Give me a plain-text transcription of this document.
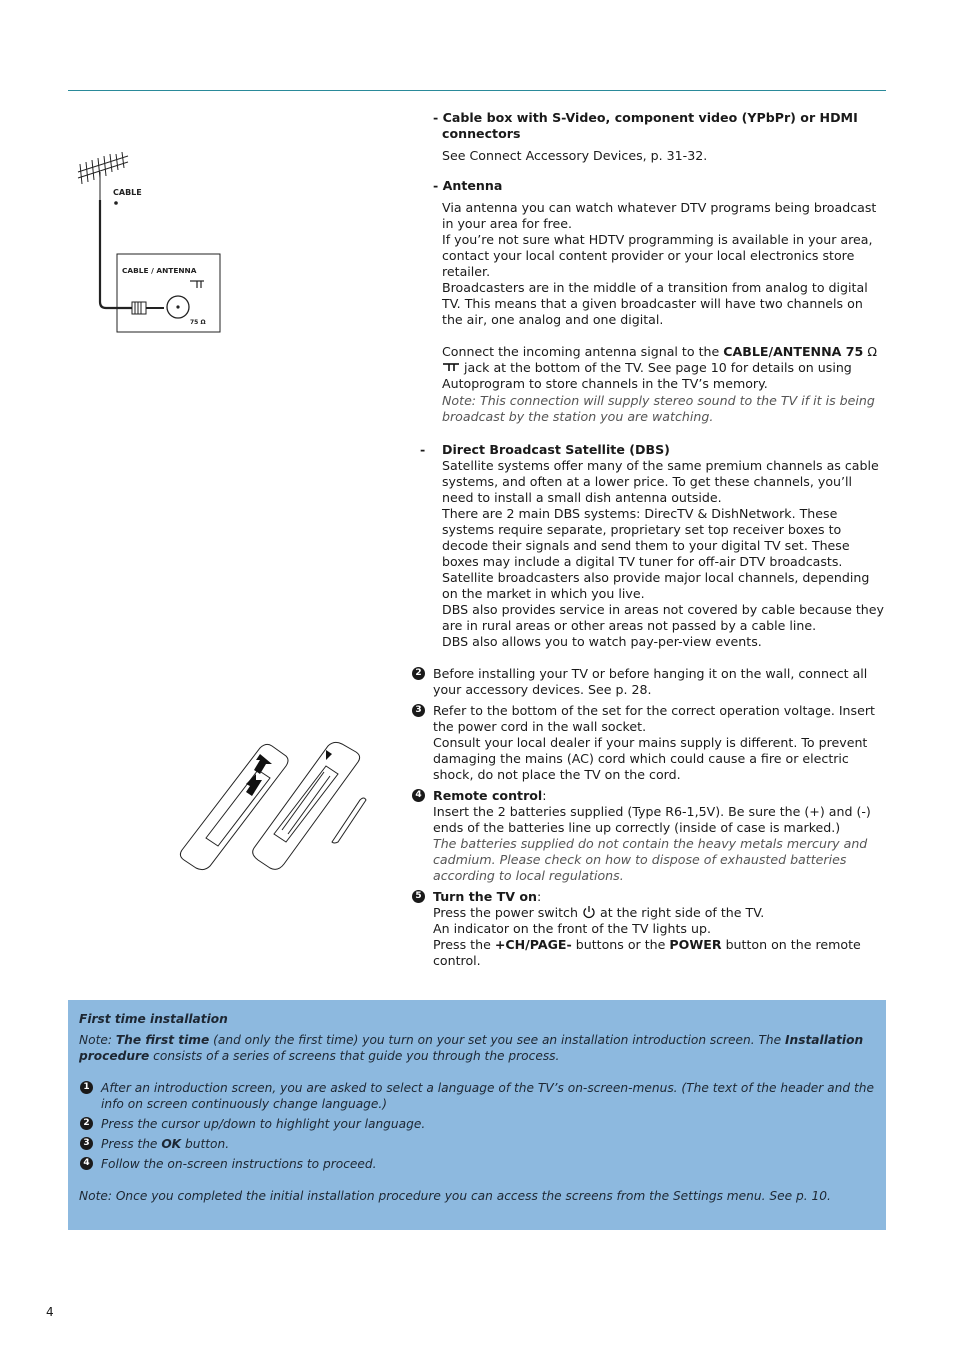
CABLE
CABLE / ANTENNA
75 Ω
- Cable box with S-Video, component video (YPbPr) or HDMI connectors
See Connect Accessory Devices, p. 31-32.
- Antenna
Via antenna you can watch whatever DTV programs being broadcast in your area for free.
If you’re not sure what HDTV programming is available in your area, contact your local content provider or your local electronics store retailer.
Broadcasters are in the middle of a transition from analog to digital TV. This means that a given broadcaster will have two channels on the air, one analog and one digital.
Connect the incoming antenna signal to the CABLE/ANTENNA 75 Ω  jack at the bottom of the TV. See page 10 for details on using Autoprogram to store channels in the TV’s memory.
Note: This connection will supply stereo sound to the TV if it is being broadcast by the station you are watching.
- Direct Broadcast Satellite (DBS)
Satellite systems offer many of the same premium channels as cable systems, and often at a lower price. To get these channels, you’ll need to install a small dish antenna outside.
There are 2 main DBS systems: DirecTV & DishNetwork. These systems require separate, proprietary set top receiver boxes to decode their signals and send them to your digital TV set. These boxes may include a digital TV tuner for off-air DTV broadcasts.
Satellite broadcasters also provide major local channels, depending on the market in which you live.
DBS also provides service in areas not covered by cable because they are in rural areas or other areas not passed by a cable line.
DBS also allows you to watch pay-per-view events.
2 Before installing your TV or before hanging it on the wall, connect all your accessory devices. See p. 28.
3 Refer to the bottom of the set for the correct operation voltage. Insert the power cord in the wall socket.
Consult your local dealer if your mains supply is different. To prevent damaging the mains (AC) cord which could cause a fire or electric shock, do not place the TV on the cord.
4 Remote control:
Insert the 2 batteries supplied (Type R6-1,5V). Be sure the (+) and (-) ends of the batteries line up correctly (inside of case is marked.)
The batteries supplied do not contain the heavy metals mercury and cadmium. Please check on how to dispose of exhausted batteries according to local regulations.
5 Turn the TV on:
Press the power switch  at the right side of the TV.
An indicator on the front of the TV lights up.
Press the +CH/PAGE- buttons or the POWER button on the remote control.
First time installation
Note: The first time (and only the first time) you turn on your set you see an installation introduction screen. The Installation procedure consists of a series of screens that guide you through the process.
1 After an introduction screen, you are asked to select a language of the TV’s on-screen-menus. (The text of the header and the info on screen continuously change language.)
2 Press the cursor up/down to highlight your language.
3 Press the OK button.
4 Follow the on-screen instructions to proceed.
Note: Once you completed the initial installation procedure you can access the screens from the Settings menu. See p. 10.
4
